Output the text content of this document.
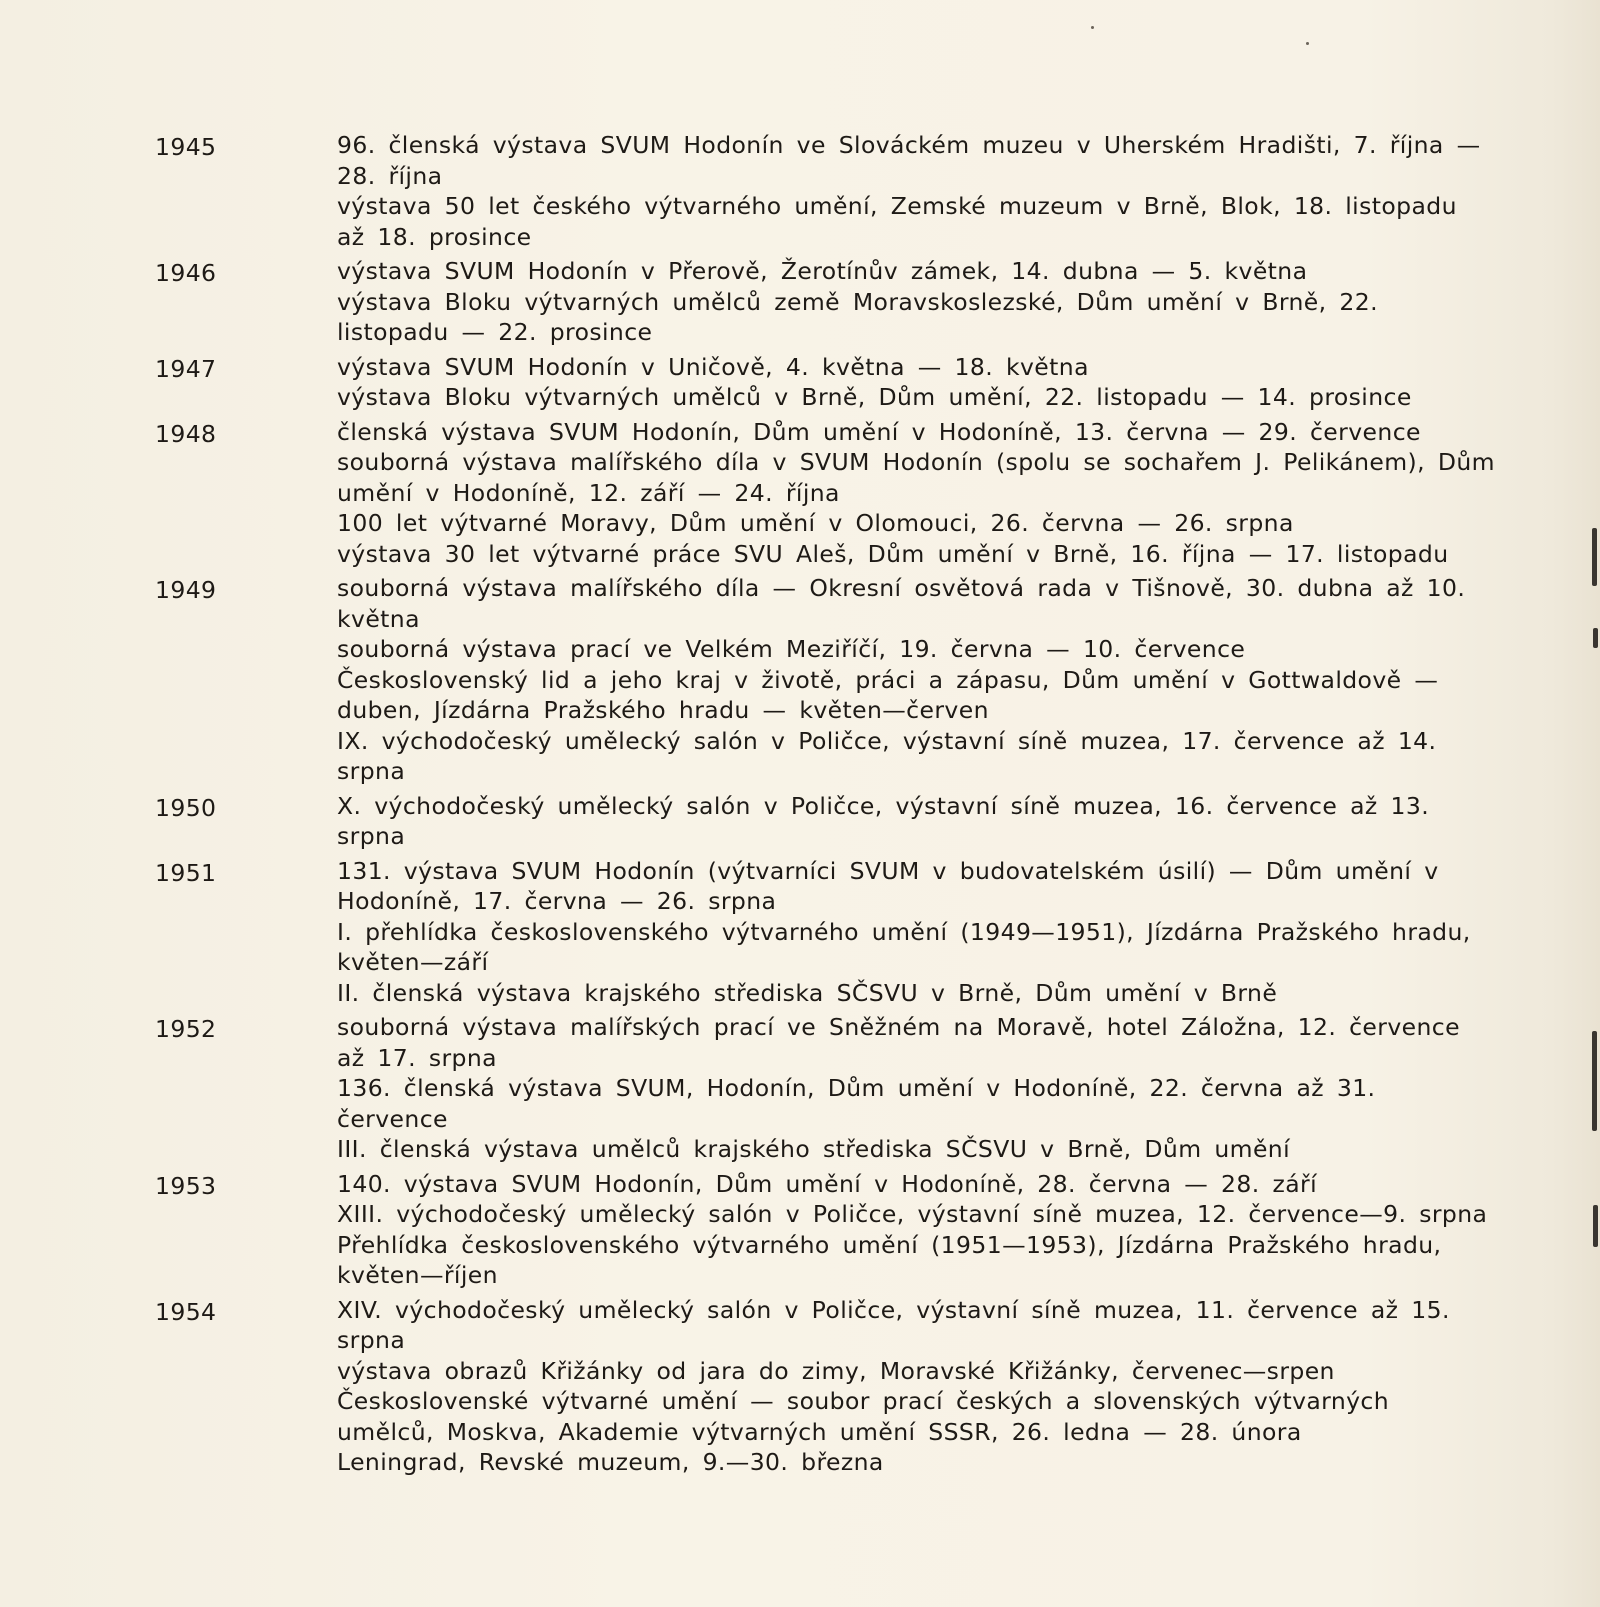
1945	96. členská výstava SVUM Hodonín ve Slováckém muzeu v Uherském Hradišti, 7. října — 28. října

výstava 50 let českého výtvarného umění, Zemské muzeum v Brně, Blok, 18. listopadu až 18. prosince

1946	výstava SVUM Hodonín v Přerově, Žerotínův zámek, 14. dubna — 5. května

výstava Bloku výtvarných umělců země Moravskoslezské, Dům umění v Brně, 22. listopadu — 22. prosince

1947	výstava SVUM Hodonín v Uničově, 4. května — 18. května

výstava Bloku výtvarných umělců v Brně, Dům umění, 22. listopadu — 14. prosince

1948	členská výstava SVUM Hodonín, Dům umění v Hodoníně, 13. června — 29. července

souborná výstava malířského díla v SVUM Hodonín (spolu se sochařem J. Pelikánem), Dům umění v Hodoníně, 12. září — 24. října

100 let výtvarné Moravy, Dům umění v Olomouci, 26. června — 26. srpna

výstava 30 let výtvarné práce SVU Aleš, Dům umění v Brně, 16. října — 17. listopadu

1949	souborná výstava malířského díla — Okresní osvětová rada v Tišnově, 30. dubna až 10. května

souborná výstava prací ve Velkém Meziříčí, 19. června — 10. července

Československý lid a jeho kraj v životě, práci a zápasu, Dům umění v Gottwaldově — duben, Jízdárna Pražského hradu — květen—červen

IX. východočeský umělecký salón v Poličce, výstavní síně muzea, 17. července až 14. srpna

1950	X. východočeský umělecký salón v Poličce, výstavní síně muzea, 16. července až 13. srpna

1951	131. výstava SVUM Hodonín (výtvarníci SVUM v budovatelském úsilí) — Dům umění v Hodoníně, 17. června — 26. srpna

I. přehlídka československého výtvarného umění (1949—1951), Jízdárna Pražského hradu, květen—září

II. členská výstava krajského střediska SČSVU v Brně, Dům umění v Brně

1952	souborná výstava malířských prací ve Sněžném na Moravě, hotel Záložna, 12. července až 17. srpna

136. členská výstava SVUM, Hodonín, Dům umění v Hodoníně, 22. června až 31. července

III. členská výstava umělců krajského střediska SČSVU v Brně, Dům umění

1953	140. výstava SVUM Hodonín, Dům umění v Hodoníně, 28. června — 28. září

XIII. východočeský umělecký salón v Poličce, výstavní síně muzea, 12. července—9. srpna

Přehlídka československého výtvarného umění (1951—1953), Jízdárna Pražského hradu, květen—říjen

1954	XIV. východočeský umělecký salón v Poličce, výstavní síně muzea, 11. července až 15. srpna

výstava obrazů Křižánky od jara do zimy, Moravské Křižánky, červenec—srpen

Československé výtvarné umění — soubor prací českých a slovenských výtvarných umělců, Moskva, Akademie výtvarných umění SSSR, 26. ledna — 28. února

Leningrad, Revské muzeum, 9.—30. března
